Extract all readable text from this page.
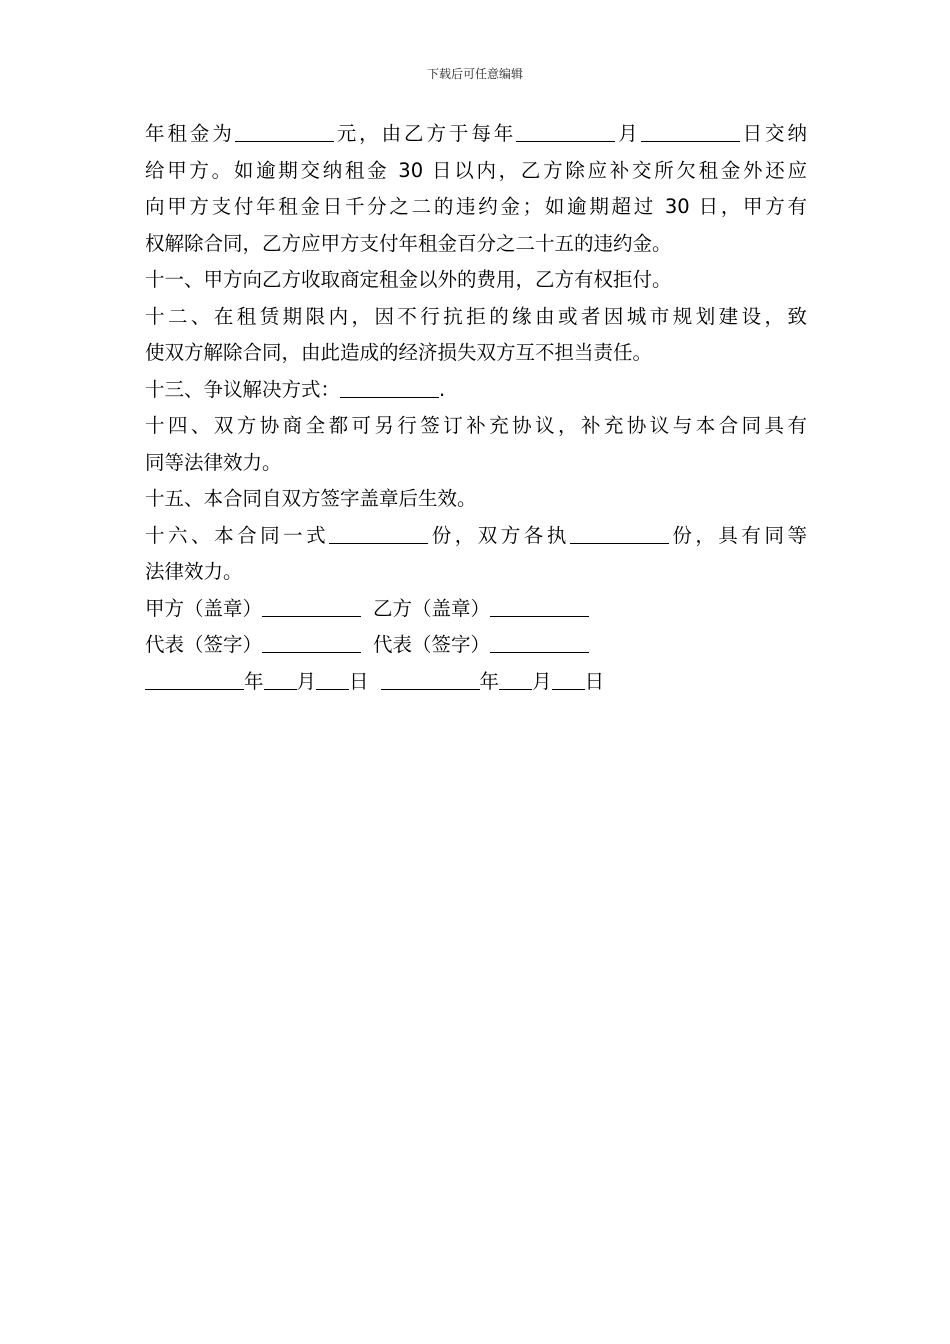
下载后可任意编辑
年租金为	元，由乙方于每年	月	日交纳
给甲方。如逾期交纳租金 30 日以内，乙方除应补交所欠租金外还应
向甲方支付年租金日千分之二的违约金；如逾期超过 30 日，甲方有
权解除合同，乙方应甲方支付年租金百分之二十五的违约金。
十一、甲方向乙方收取商定租金以外的费用，乙方有权拒付。
十二、在租赁期限内，因不行抗拒的缘由或者因城市规划建设，致
使双方解除合同，由此造成的经济损失双方互不担当责任。
十三、争议解决方式：	.
十四、双方协商全都可另行签订补充协议，补充协议与本合同具有
同等法律效力。
十五、本合同自双方签字盖章后生效。
十六、本合同一式	份，双方各执	份，具有同等
法律效力。
甲方（盖章）	乙方（盖章）
代表（签字）	代表（签字）
年 月 日	年 月 日
